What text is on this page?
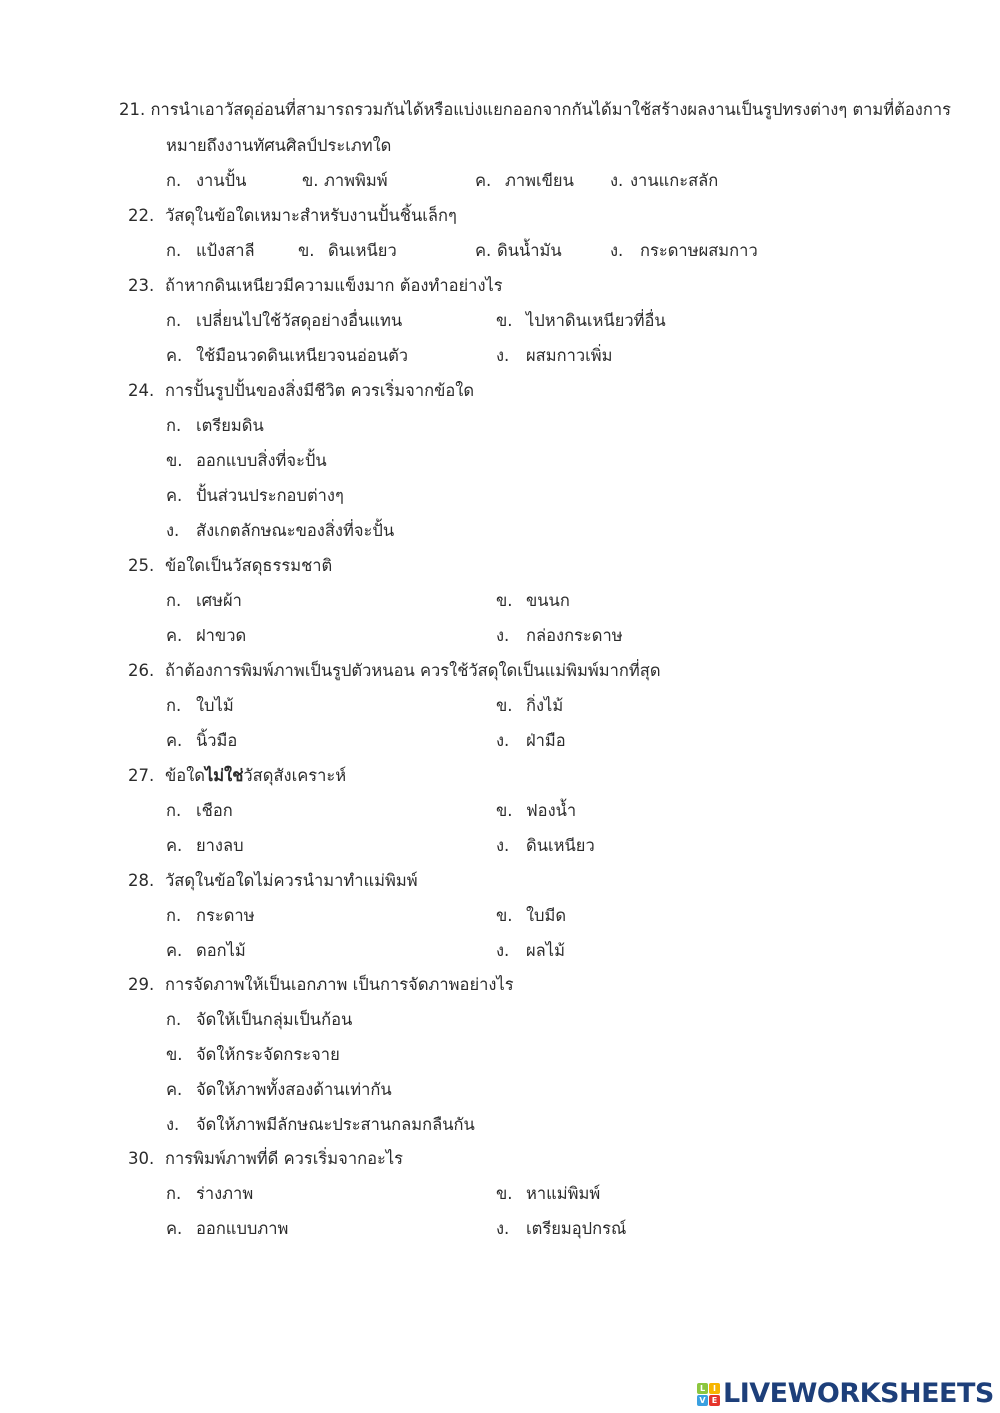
21. การนำเอาวัสดุอ่อนที่สามารถรวมกันได้หรือแบ่งแยกออกจากกันได้มาใช้สร้างผลงานเป็นรูปทรงต่างๆ ตามที่ต้องการ
หมายถึงงานทัศนศิลป์ประเภทใด
ก. งานปั้น	ข. ภาพพิมพ์	ค. ภาพเขียน ง. งานแกะสลัก
22. วัสดุในข้อใดเหมาะสำหรับงานปั้นชิ้นเล็กๆ
ก. แป้งสาลี	ข. ดินเหนียว	ค. ดินน้ำมัน	ง. กระดาษผสมกาว
23. ถ้าหากดินเหนียวมีความแข็งมาก ต้องทำอย่างไร
ก. เปลี่ยนไปใช้วัสดุอย่างอื่นแทน	ข. ไปหาดินเหนียวที่อื่น
ค. ใช้มือนวดดินเหนียวจนอ่อนตัว	ง. ผสมกาวเพิ่ม
24. การปั้นรูปปั้นของสิ่งมีชีวิต ควรเริ่มจากข้อใด
ก. เตรียมดิน
ข. ออกแบบสิ่งที่จะปั้น
ค. ปั้นส่วนประกอบต่างๆ
ง. สังเกตลักษณะของสิ่งที่จะปั้น
25. ข้อใดเป็นวัสดุธรรมชาติ
ก. เศษผ้า	ข. ขนนก
ค. ฝาขวด	ง. กล่องกระดาษ
26. ถ้าต้องการพิมพ์ภาพเป็นรูปตัวหนอน ควรใช้วัสดุใดเป็นแม่พิมพ์มากที่สุด
ก. ใบไม้	ข. กิ่งไม้
ค. นิ้วมือ	ง. ฝ่ามือ
27. ข้อใดไม่ใช่วัสดุสังเคราะห์
ก. เชือก	ข. ฟองน้ำ
ค. ยางลบ	ง. ดินเหนียว
28. วัสดุในข้อใดไม่ควรนำมาทำแม่พิมพ์
ก. กระดาษ	ข. ใบมีด
ค. ดอกไม้	ง. ผลไม้
29. การจัดภาพให้เป็นเอกภาพ เป็นการจัดภาพอย่างไร
ก. จัดให้เป็นกลุ่มเป็นก้อน
ข. จัดให้กระจัดกระจาย
ค. จัดให้ภาพทั้งสองด้านเท่ากัน
ง. จัดให้ภาพมีลักษณะประสานกลมกลืนกัน
30. การพิมพ์ภาพที่ดี ควรเริ่มจากอะไร
ก. ร่างภาพ	ข. หาแม่พิมพ์
ค. ออกแบบภาพ	ง. เตรียมอุปกรณ์
L I
V E LIVEWORKSHEETS
